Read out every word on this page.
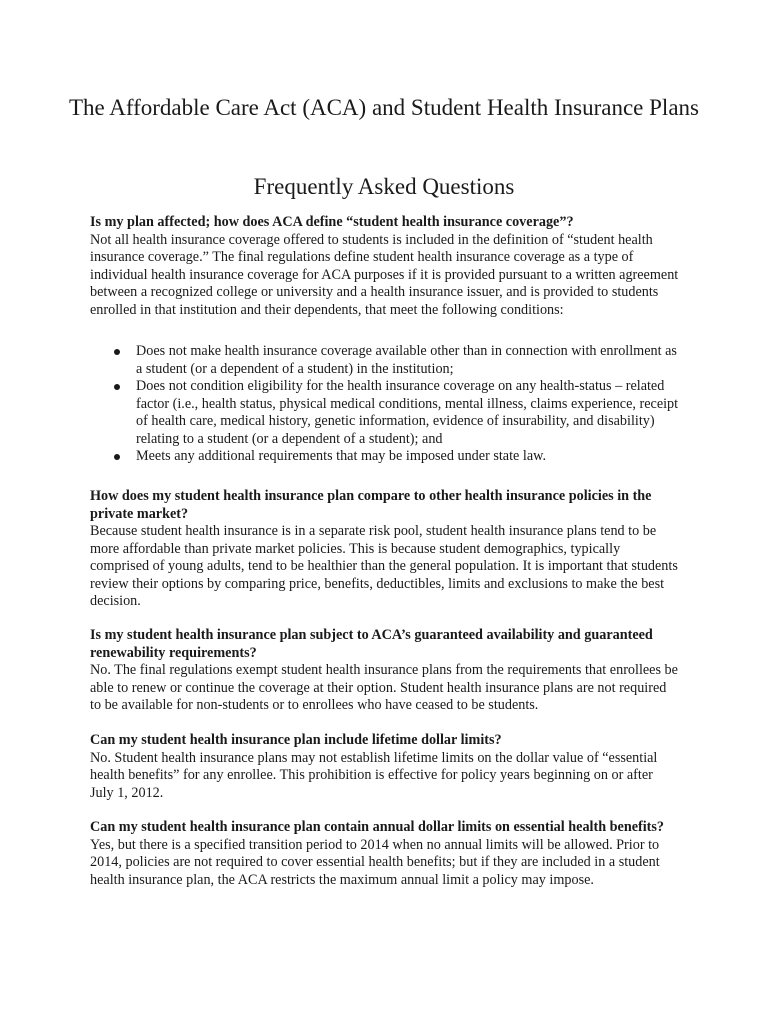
The Affordable Care Act (ACA) and Student Health Insurance Plans
Frequently Asked Questions

Is my plan affected; how does ACA define “student health insurance coverage”?

Not all health insurance coverage offered to students is included in the definition of “student health insurance coverage.” The final regulations define student health insurance coverage as a type of individual health insurance coverage for ACA purposes if it is provided pursuant to a written agreement between a recognized college or university and a health insurance issuer, and is provided to students enrolled in that institution and their dependents, that meet the following conditions:

Does not make health insurance coverage available other than in connection with enrollment as a student (or a dependent of a student) in the institution;
Does not condition eligibility for the health insurance coverage on any health-status – related factor (i.e., health status, physical medical conditions, mental illness, claims experience, receipt of health care, medical history, genetic information, evidence of insurability, and disability) relating to a student (or a dependent of a student); and
Meets any additional requirements that may be imposed under state law.

How does my student health insurance plan compare to other health insurance policies in the private market?

Because student health insurance is in a separate risk pool, student health insurance plans tend to be more affordable than private market policies. This is because student demographics, typically comprised of young adults, tend to be healthier than the general population. It is important that students review their options by comparing price, benefits, deductibles, limits and exclusions to make the best decision.

Is my student health insurance plan subject to ACA’s guaranteed availability and guaranteed renewability requirements?

No. The final regulations exempt student health insurance plans from the requirements that enrollees be able to renew or continue the coverage at their option. Student health insurance plans are not required to be available for non-students or to enrollees who have ceased to be students.

Can my student health insurance plan include lifetime dollar limits?

No. Student health insurance plans may not establish lifetime limits on the dollar value of “essential health benefits” for any enrollee. This prohibition is effective for policy years beginning on or after July 1, 2012.

Can my student health insurance plan contain annual dollar limits on essential health benefits?

Yes, but there is a specified transition period to 2014 when no annual limits will be allowed. Prior to 2014, policies are not required to cover essential health benefits; but if they are included in a student health insurance plan, the ACA restricts the maximum annual limit a policy may impose.
